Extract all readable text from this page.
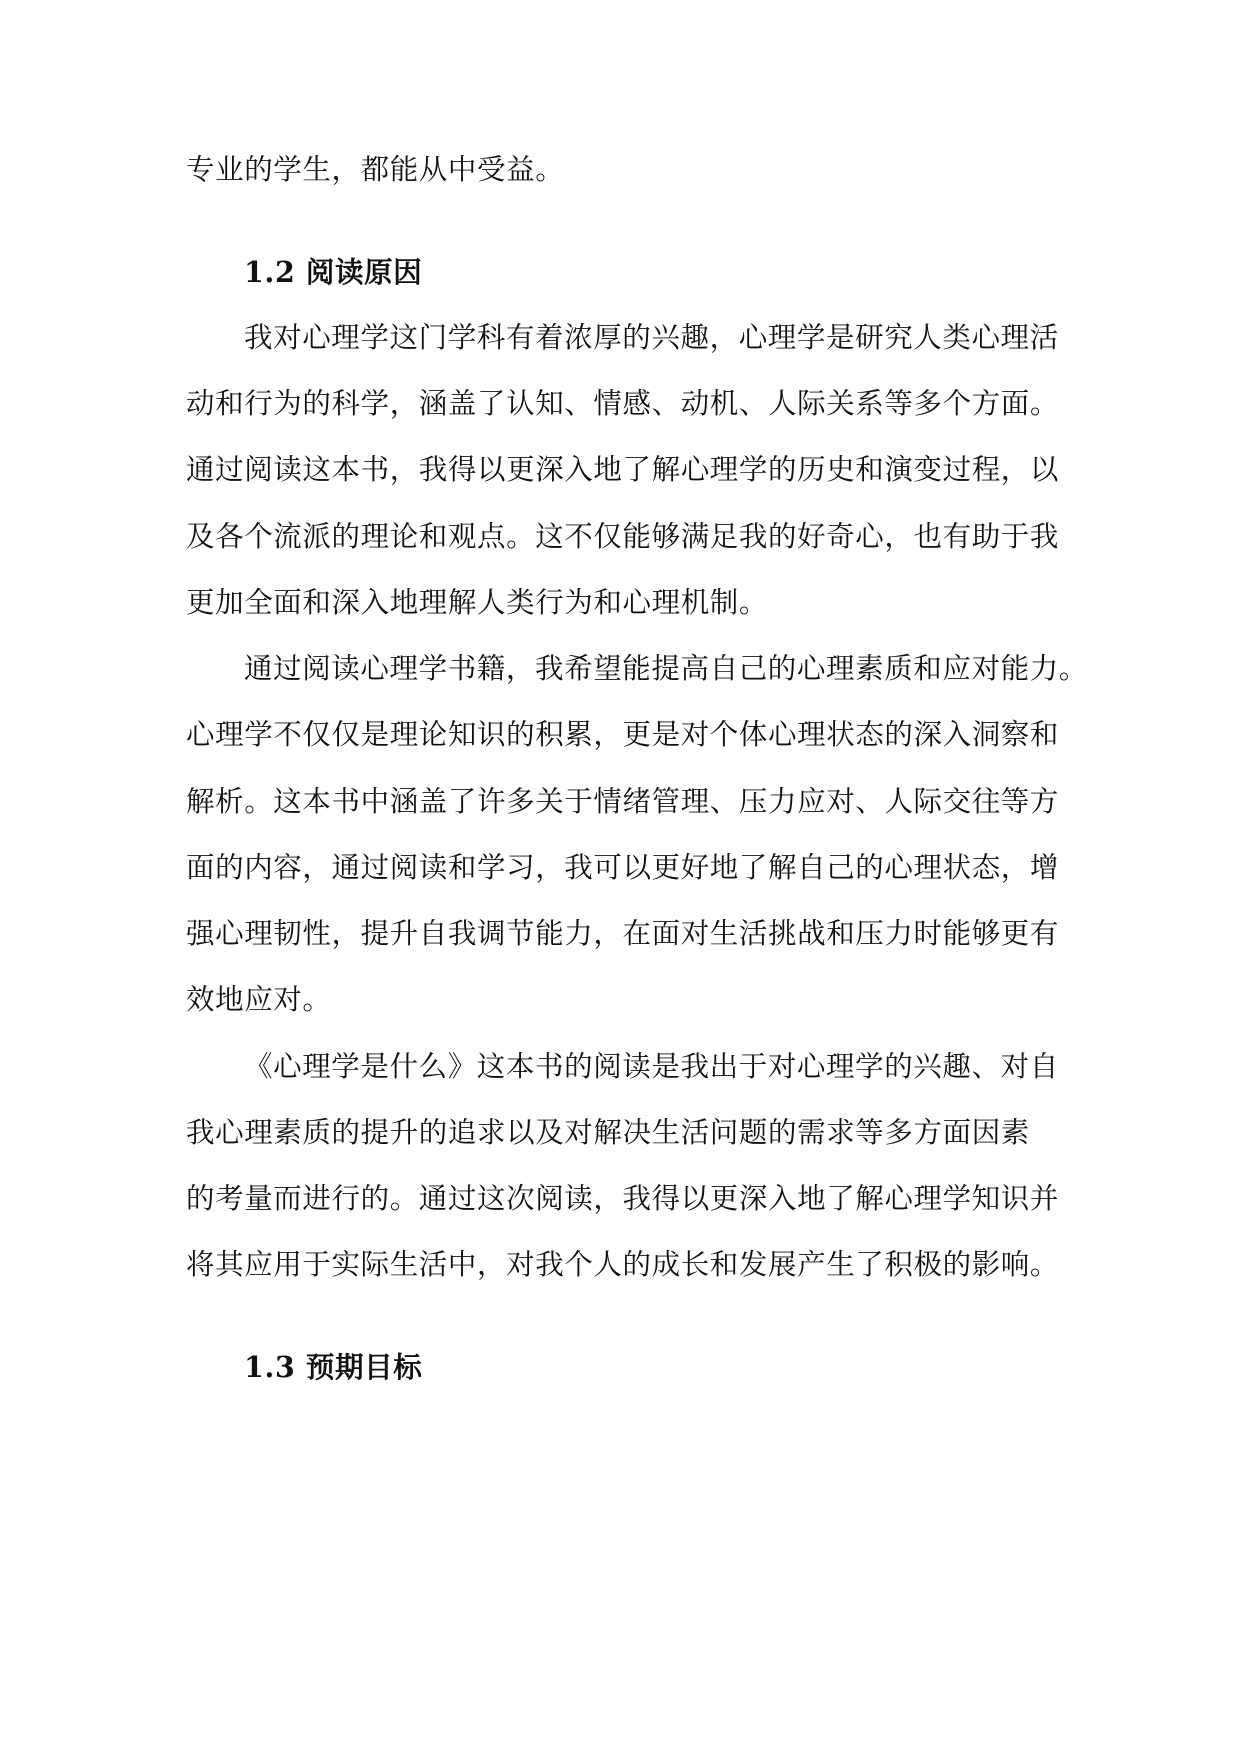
专业的学生，都能从中受益。
1.2 阅读原因
我对心理学这门学科有着浓厚的兴趣，心理学是研究人类心理活
动和行为的科学，涵盖了认知、情感、动机、人际关系等多个方面。
通过阅读这本书，我得以更深入地了解心理学的历史和演变过程，以
及各个流派的理论和观点。这不仅能够满足我的好奇心，也有助于我
更加全面和深入地理解人类行为和心理机制。
通过阅读心理学书籍，我希望能提高自己的心理素质和应对能力。
心理学不仅仅是理论知识的积累，更是对个体心理状态的深入洞察和
解析。这本书中涵盖了许多关于情绪管理、压力应对、人际交往等方
面的内容，通过阅读和学习，我可以更好地了解自己的心理状态，增
强心理韧性，提升自我调节能力，在面对生活挑战和压力时能够更有
效地应对。
《心理学是什么》这本书的阅读是我出于对心理学的兴趣、对自
我心理素质的提升的追求以及对解决生活问题的需求等多方面因素
的考量而进行的。通过这次阅读，我得以更深入地了解心理学知识并
将其应用于实际生活中，对我个人的成长和发展产生了积极的影响。
1.3 预期目标
